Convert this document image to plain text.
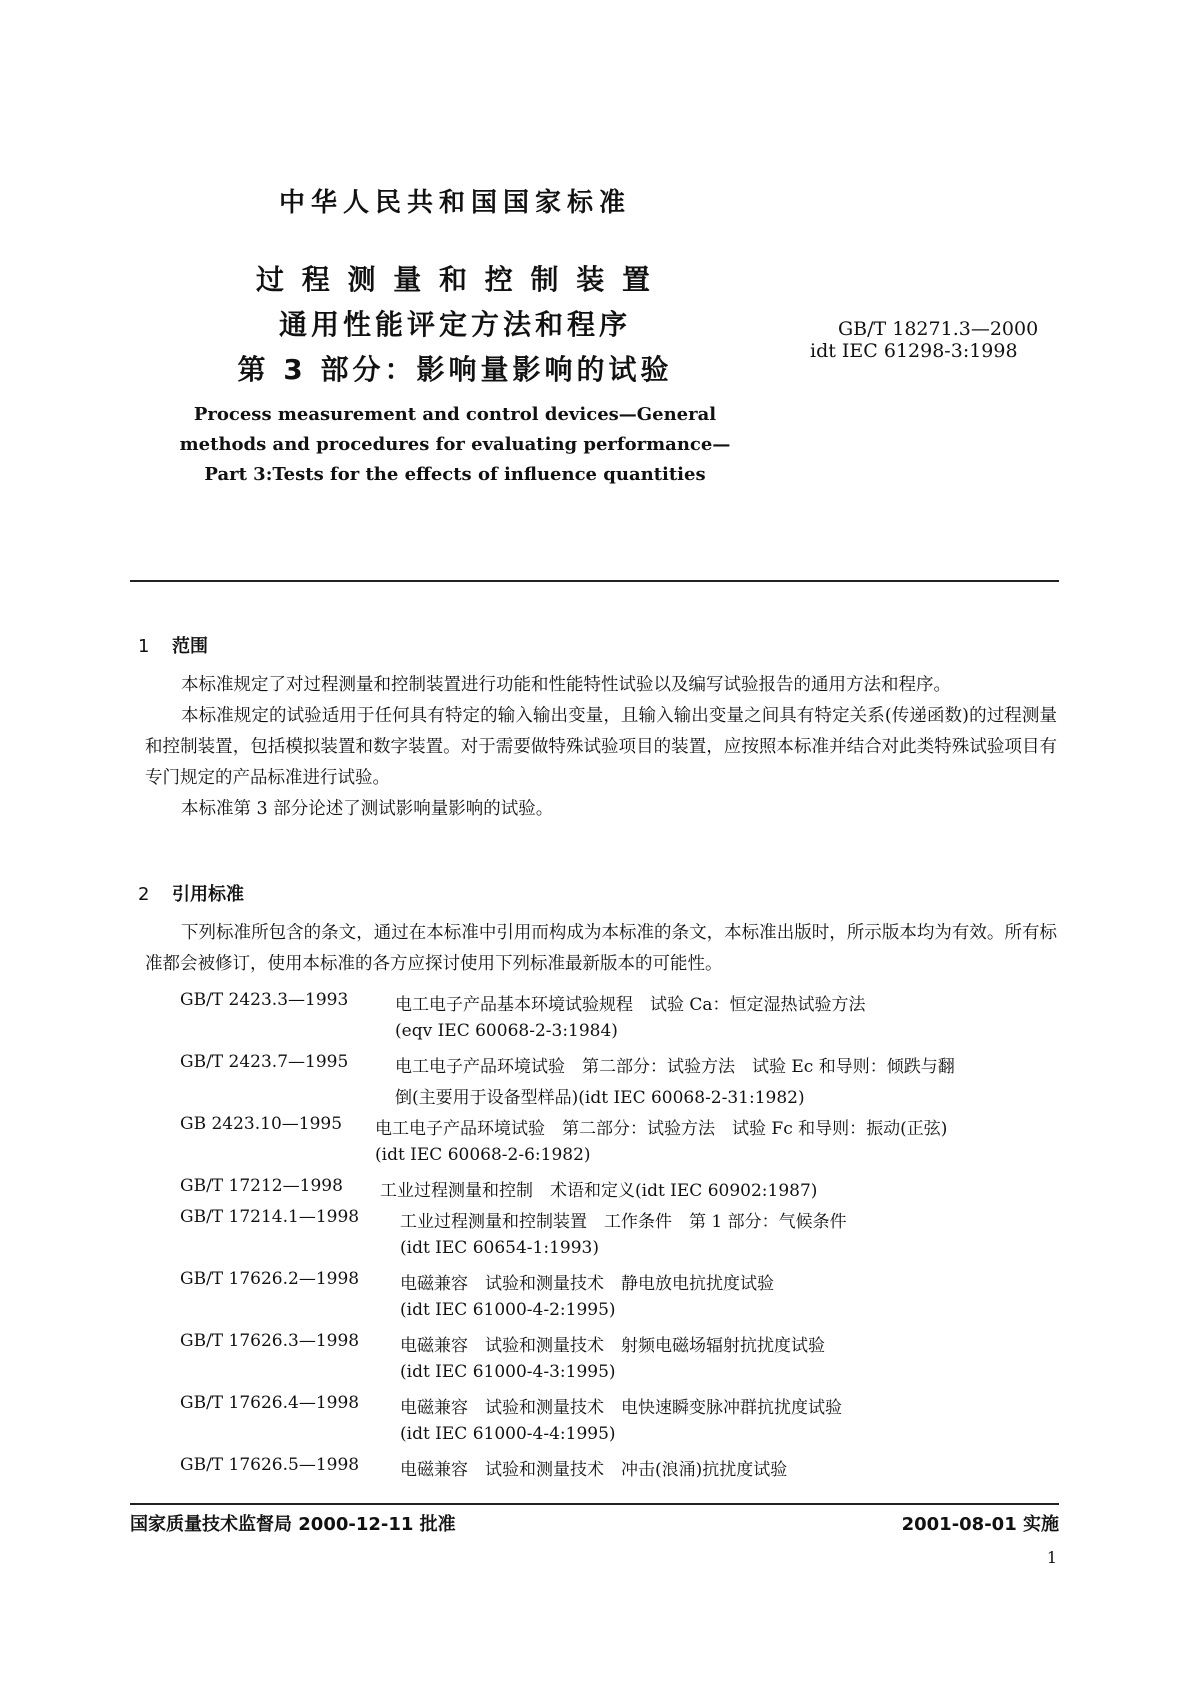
中华人民共和国国家标准
过 程 测 量 和 控 制 装 置
通用性能评定方法和程序
第 3 部分：影响量影响的试验
GB/T 18271.3—2000
idt IEC 61298-3:1998
Process measurement and control devices—General
methods and procedures for evaluating performance—
Part 3:Tests for the effects of influence quantities
1 范围

本标准规定了对过程测量和控制装置进行功能和性能特性试验以及编写试验报告的通用方法和程序。

本标准规定的试验适用于任何具有特定的输入输出变量，且输入输出变量之间具有特定关系(传递函数)的过程测量和控制装置，包括模拟装置和数字装置。对于需要做特殊试验项目的装置，应按照本标准并结合对此类特殊试验项目有专门规定的产品标准进行试验。

本标准第 3 部分论述了测试影响量影响的试验。

2 引用标准

下列标准所包含的条文，通过在本标准中引用而构成为本标准的条文，本标准出版时，所示版本均为有效。所有标准都会被修订，使用本标准的各方应探讨使用下列标准最新版本的可能性。

GB/T 2423.3—1993	电工电子产品基本环境试验规程　试验 Ca：恒定湿热试验方法
(eqv IEC 60068-2-3:1984)
GB/T 2423.7—1995	电工电子产品环境试验　第二部分：试验方法　试验 Ec 和导则：倾跌与翻
倒(主要用于设备型样品)(idt IEC 60068-2-31:1982)
GB 2423.10—1995 电工电子产品环境试验　第二部分：试验方法　试验 Fc 和导则：振动(正弦)
(idt IEC 60068-2-6:1982)
GB/T 17212—1998 工业过程测量和控制　术语和定义(idt IEC 60902:1987)
GB/T 17214.1—1998 工业过程测量和控制装置　工作条件　第 1 部分：气候条件
(idt IEC 60654-1:1993)
GB/T 17626.2—1998 电磁兼容　试验和测量技术　静电放电抗扰度试验
(idt IEC 61000-4-2:1995)
GB/T 17626.3—1998 电磁兼容　试验和测量技术　射频电磁场辐射抗扰度试验
(idt IEC 61000-4-3:1995)
GB/T 17626.4—1998 电磁兼容　试验和测量技术　电快速瞬变脉冲群抗扰度试验
(idt IEC 61000-4-4:1995)
GB/T 17626.5—1998 电磁兼容　试验和测量技术　冲击(浪涌)抗扰度试验
国家质量技术监督局 2000-12-11 批准	2001-08-01 实施
1
